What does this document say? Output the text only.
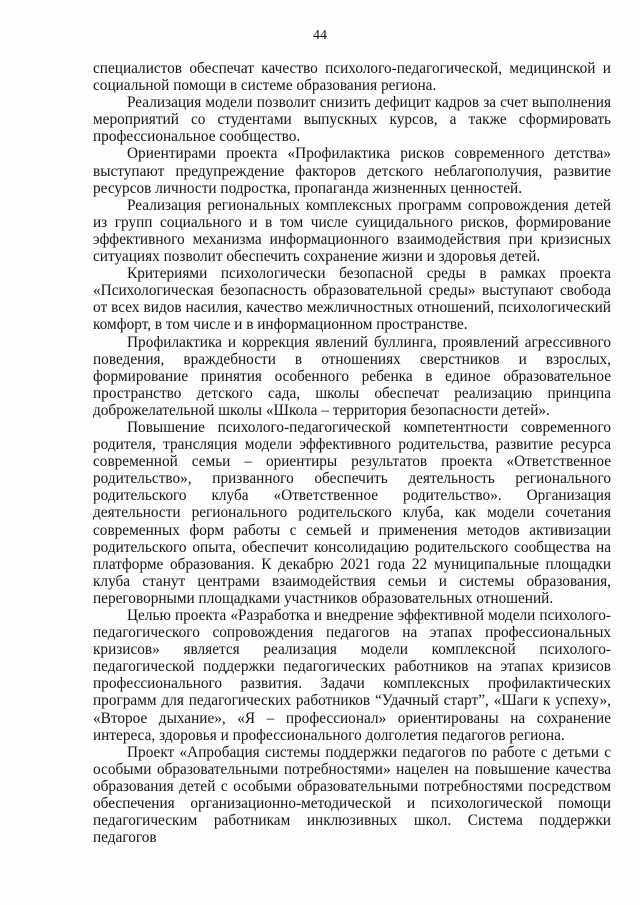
44

специалистов обеспечат качество психолого-педагогической, медицинской и социальной помощи в системе образования региона.

Реализация модели позволит снизить дефицит кадров за счет выполнения мероприятий со студентами выпускных курсов, а также сформировать профессиональное сообщество.

Ориентирами проекта «Профилактика рисков современного детства» выступают предупреждение факторов детского неблагополучия, развитие ресурсов личности подростка, пропаганда жизненных ценностей.

Реализация региональных комплексных программ сопровождения детей из групп социального и в том числе суицидального рисков, формирование эффективного механизма информационного взаимодействия при кризисных ситуациях позволит обеспечить сохранение жизни и здоровья детей.

Критериями психологически безопасной среды в рамках проекта «Психологическая безопасность образовательной среды» выступают свобода от всех видов насилия, качество межличностных отношений, психологический комфорт, в том числе и в информационном пространстве.

Профилактика и коррекция явлений буллинга, проявлений агрессивного поведения, враждебности в отношениях сверстников и взрослых, формирование принятия особенного ребенка в единое образовательное пространство детского сада, школы обеспечат реализацию принципа доброжелательной школы «Школа – территория безопасности детей».

Повышение психолого-педагогической компетентности современного родителя, трансляция модели эффективного родительства, развитие ресурса современной семьи – ориентиры результатов проекта «Ответственное родительство», призванного обеспечить деятельность регионального родительского клуба «Ответственное родительство». Организация деятельности регионального родительского клуба, как модели сочетания современных форм работы с семьей и применения методов активизации родительского опыта, обеспечит консолидацию родительского сообщества на платформе образования. К декабрю 2021 года 22 муниципальные площадки клуба станут центрами взаимодействия семьи и системы образования, переговорными площадками участников образовательных отношений.

Целью проекта «Разработка и внедрение эффективной модели психолого-педагогического сопровождения педагогов на этапах профессиональных кризисов» является реализация модели комплексной психолого-педагогической поддержки педагогических работников на этапах кризисов профессионального развития. Задачи комплексных профилактических программ для педагогических работников “Удачный старт”, «Шаги к успеху», «Второе дыхание», «Я – профессионал» ориентированы на сохранение интереса, здоровья и профессионального долголетия педагогов региона.

Проект «Апробация системы поддержки педагогов по работе с детьми с особыми образовательными потребностями» нацелен на повышение качества образования детей с особыми образовательными потребностями посредством обеспечения организационно-методической и психологической помощи педагогическим работникам инклюзивных школ. Система поддержки педагогов
